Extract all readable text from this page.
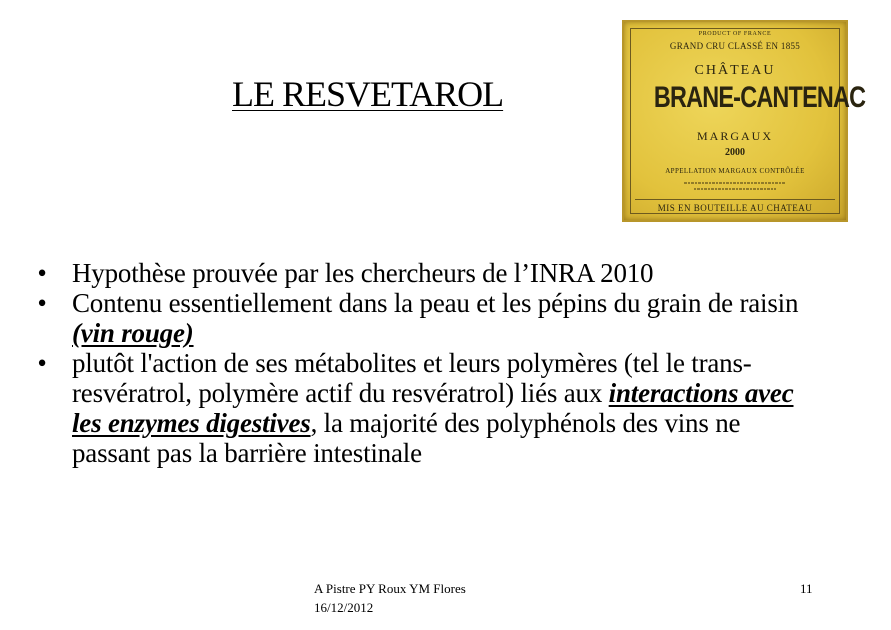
LE RESVETAROL
PRODUCT OF FRANCE
GRAND CRU CLASSÉ EN 1855
CHÂTEAU
BRANE-CANTENAC
MARGAUX
2000
APPELLATION MARGAUX CONTRÔLÉE
MIS EN BOUTEILLE AU CHATEAU
• Hypothèse prouvée par les chercheurs de l’INRA 2010
• Contenu essentiellement dans la peau et les pépins du grain de raisin (vin rouge)
• plutôt l'action de ses métabolites et leurs polymères (tel le trans-resvératrol, polymère actif du resvératrol) liés aux interactions avec les enzymes digestives, la majorité des polyphénols des vins ne passant pas la barrière intestinale
A Pistre PY Roux YM Flores
16/12/2012
11
